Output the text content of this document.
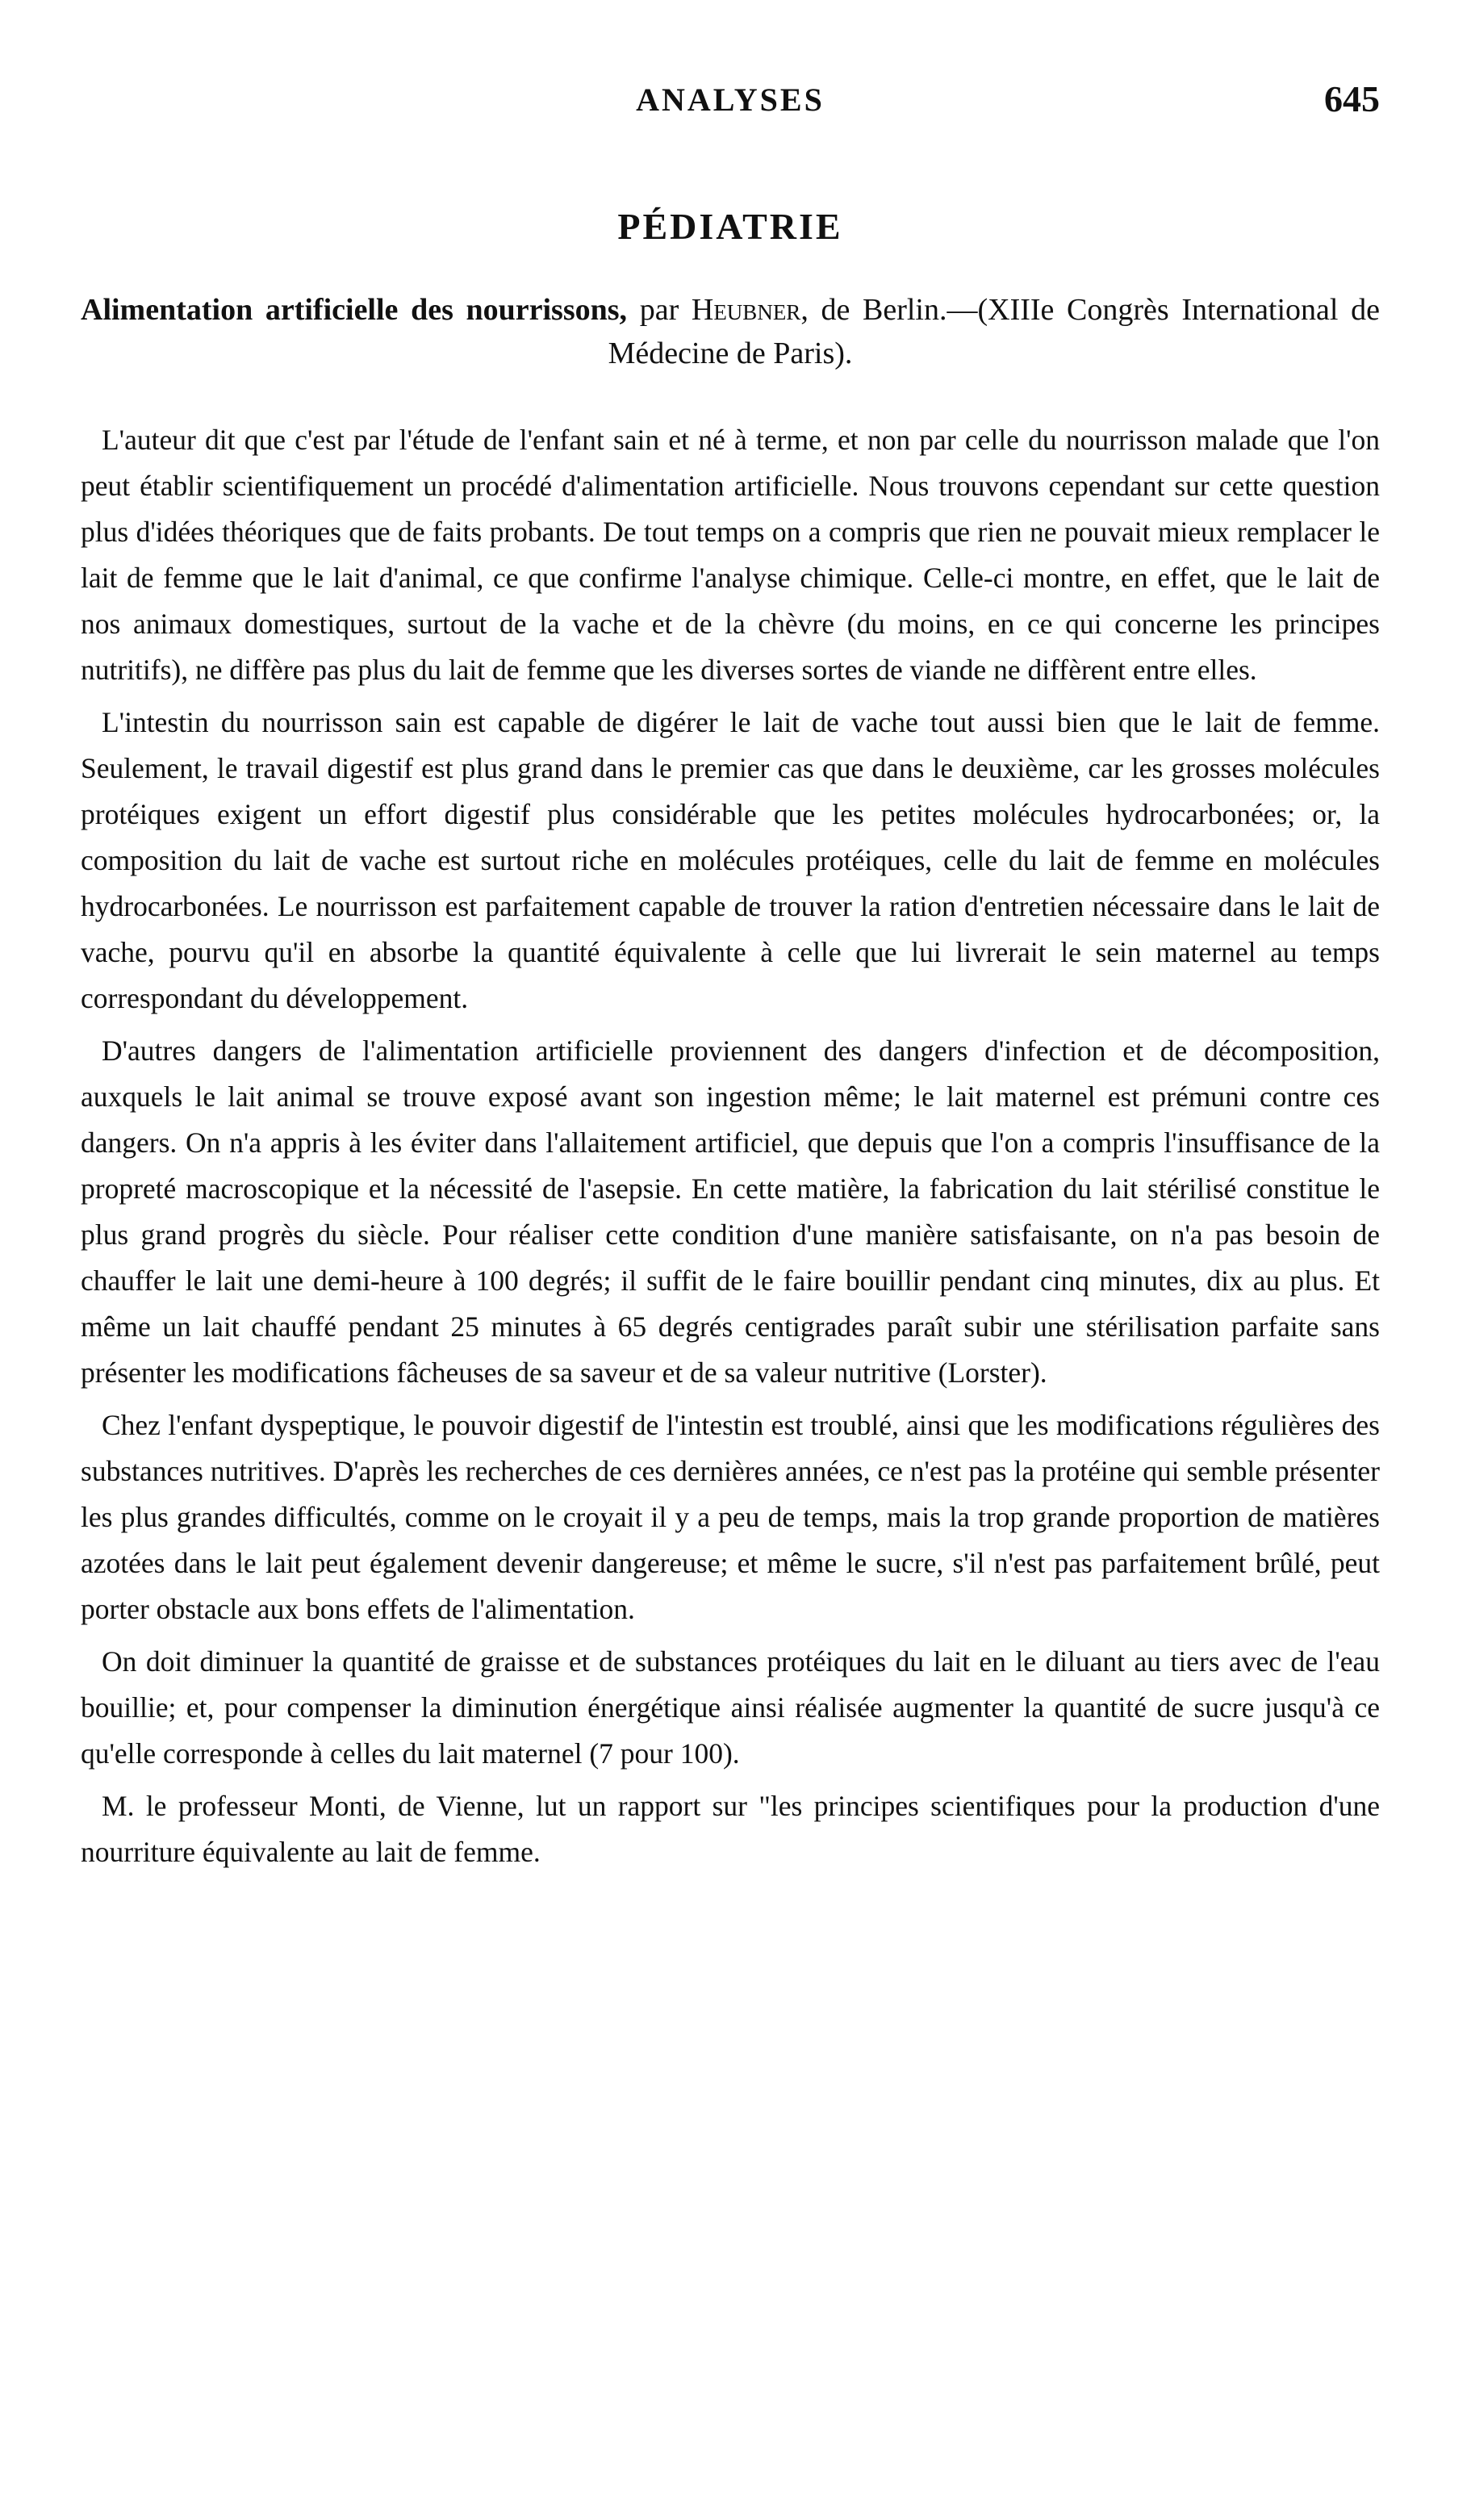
ANALYSES	645
PÉDIATRIE

Alimentation artificielle des nourrissons, par Heubner, de Berlin.—(XIIIe Congrès International de Médecine de Paris).

L'auteur dit que c'est par l'étude de l'enfant sain et né à terme, et non par celle du nourrisson malade que l'on peut établir scientifiquement un procédé d'alimentation artificielle. Nous trouvons cependant sur cette question plus d'idées théoriques que de faits probants. De tout temps on a compris que rien ne pouvait mieux remplacer le lait de femme que le lait d'animal, ce que confirme l'analyse chimique. Celle-ci montre, en effet, que le lait de nos animaux domestiques, surtout de la vache et de la chèvre (du moins, en ce qui concerne les principes nutritifs), ne diffère pas plus du lait de femme que les diverses sortes de viande ne diffèrent entre elles.

L'intestin du nourrisson sain est capable de digérer le lait de vache tout aussi bien que le lait de femme. Seulement, le travail digestif est plus grand dans le premier cas que dans le deuxième, car les grosses molécules protéiques exigent un effort digestif plus considérable que les petites molécules hydrocarbonées; or, la composition du lait de vache est surtout riche en molécules protéiques, celle du lait de femme en molécules hydrocarbonées. Le nourrisson est parfaitement capable de trouver la ration d'entretien nécessaire dans le lait de vache, pourvu qu'il en absorbe la quantité équivalente à celle que lui livrerait le sein maternel au temps correspondant du développement.

D'autres dangers de l'alimentation artificielle proviennent des dangers d'infection et de décomposition, auxquels le lait animal se trouve exposé avant son ingestion même; le lait maternel est prémuni contre ces dangers. On n'a appris à les éviter dans l'allaitement artificiel, que depuis que l'on a compris l'insuffisance de la propreté macroscopique et la nécessité de l'asepsie. En cette matière, la fabrication du lait stérilisé constitue le plus grand progrès du siècle. Pour réaliser cette condition d'une manière satisfaisante, on n'a pas besoin de chauffer le lait une demi-heure à 100 degrés; il suffit de le faire bouillir pendant cinq minutes, dix au plus. Et même un lait chauffé pendant 25 minutes à 65 degrés centigrades paraît subir une stérilisation parfaite sans présenter les modifications fâcheuses de sa saveur et de sa valeur nutritive (Lorster).

Chez l'enfant dyspeptique, le pouvoir digestif de l'intestin est troublé, ainsi que les modifications régulières des substances nutritives. D'après les recherches de ces dernières années, ce n'est pas la protéine qui semble présenter les plus grandes difficultés, comme on le croyait il y a peu de temps, mais la trop grande proportion de matières azotées dans le lait peut également devenir dangereuse; et même le sucre, s'il n'est pas parfaitement brûlé, peut porter obstacle aux bons effets de l'alimentation.

On doit diminuer la quantité de graisse et de substances protéiques du lait en le diluant au tiers avec de l'eau bouillie; et, pour compenser la diminution énergétique ainsi réalisée augmenter la quantité de sucre jusqu'à ce qu'elle corresponde à celles du lait maternel (7 pour 100).

M. le professeur Monti, de Vienne, lut un rapport sur "les principes scientifiques pour la production d'une nourriture équivalente au lait de femme.
